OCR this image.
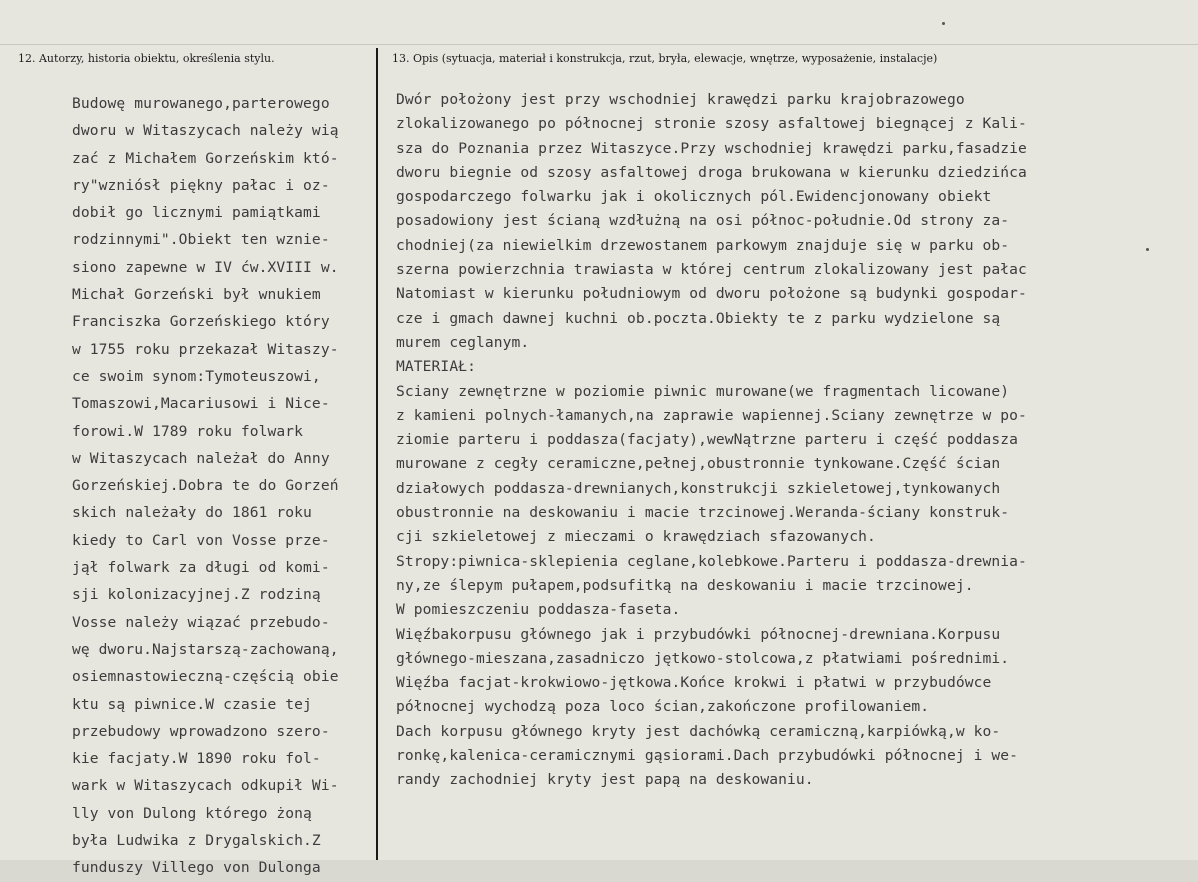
12. Autorzy, historia obiektu, określenia stylu.	13. Opis (sytuacja, materiał i konstrukcja, rzut, bryła, elewacje, wnętrze, wyposażenie, instalacje)
Budowę murowanego,parterowego
dworu w Witaszycach należy wią
zać z Michałem Gorzeńskim któ-
ry"wzniósł piękny pałac i oz-
dobił go licznymi pamiątkami
rodzinnymi".Obiekt ten wznie-
siono zapewne w IV ćw.XVIII w.
Michał Gorzeński był wnukiem
Franciszka Gorzeńskiego który
w 1755 roku przekazał Witaszy-
ce swoim synom:Tymoteuszowi,
Tomaszowi,Macariusowi i Nice-
forowi.W 1789 roku folwark
w Witaszycach należał do Anny
Gorzeńskiej.Dobra te do Gorzeń
skich należały do 1861 roku
kiedy to Carl von Vosse prze-
jął folwark za długi od komi-
sji kolonizacyjnej.Z rodziną
Vosse należy wiązać przebudo-
wę dworu.Najstarszą-zachowaną,
osiemnastowieczną-częścią obie
ktu są piwnice.W czasie tej
przebudowy wprowadzono szero-
kie facjaty.W 1890 roku fol-
wark w Witaszycach odkupił Wi-
lly von Dulong którego żoną
była Ludwika z Drygalskich.Z
funduszy Villego von Dulonga
Dwór położony jest przy wschodniej krawędzi parku krajobrazowego
zlokalizowanego po północnej stronie szosy asfaltowej biegnącej z Kali-
sza do Poznania przez Witaszyce.Przy wschodniej krawędzi parku,fasadzie
dworu biegnie od szosy asfaltowej droga brukowana w kierunku dziedzińca
gospodarczego folwarku jak i okolicznych pól.Ewidencjonowany obiekt
posadowiony jest ścianą wzdłużną na osi północ-południe.Od strony za-
chodniej(za niewielkim drzewostanem parkowym znajduje się w parku ob-
szerna powierzchnia trawiasta w której centrum zlokalizowany jest pałac
Natomiast w kierunku południowym od dworu położone są budynki gospodar-
cze i gmach dawnej kuchni ob.poczta.Obiekty te z parku wydzielone są
murem ceglanym.
MATERIAŁ:
Sciany zewnętrzne w poziomie piwnic murowane(we fragmentach licowane)
z kamieni polnych-łamanych,na zaprawie wapiennej.Sciany zewnętrze w po-
ziomie parteru i poddasza(facjaty),wewNątrzne parteru i część poddasza
murowane z cegły ceramiczne,pełnej,obustronnie tynkowane.Część ścian
działowych poddasza-drewnianych,konstrukcji szkieletowej,tynkowanych
obustronnie na deskowaniu i macie trzcinowej.Weranda-ściany konstruk-
cji szkieletowej z mieczami o krawędziach sfazowanych.
Stropy:piwnica-sklepienia ceglane,kolebkowe.Parteru i poddasza-drewnia-
ny,ze ślepym pułapem,podsufitką na deskowaniu i macie trzcinowej.
W pomieszczeniu poddasza-faseta.
Więźbakorpusu głównego jak i przybudówki północnej-drewniana.Korpusu
głównego-mieszana,zasadniczo jętkowo-stolcowa,z płatwiami pośrednimi.
Więźba facjat-krokwiowo-jętkowa.Końce krokwi i płatwi w przybudówce
północnej wychodzą poza loco ścian,zakończone profilowaniem.
Dach korpusu głównego kryty jest dachówką ceramiczną,karpiówką,w ko-
ronkę,kalenica-ceramicznymi gąsiorami.Dach przybudówki północnej i we-
randy zachodniej kryty jest papą na deskowaniu.
